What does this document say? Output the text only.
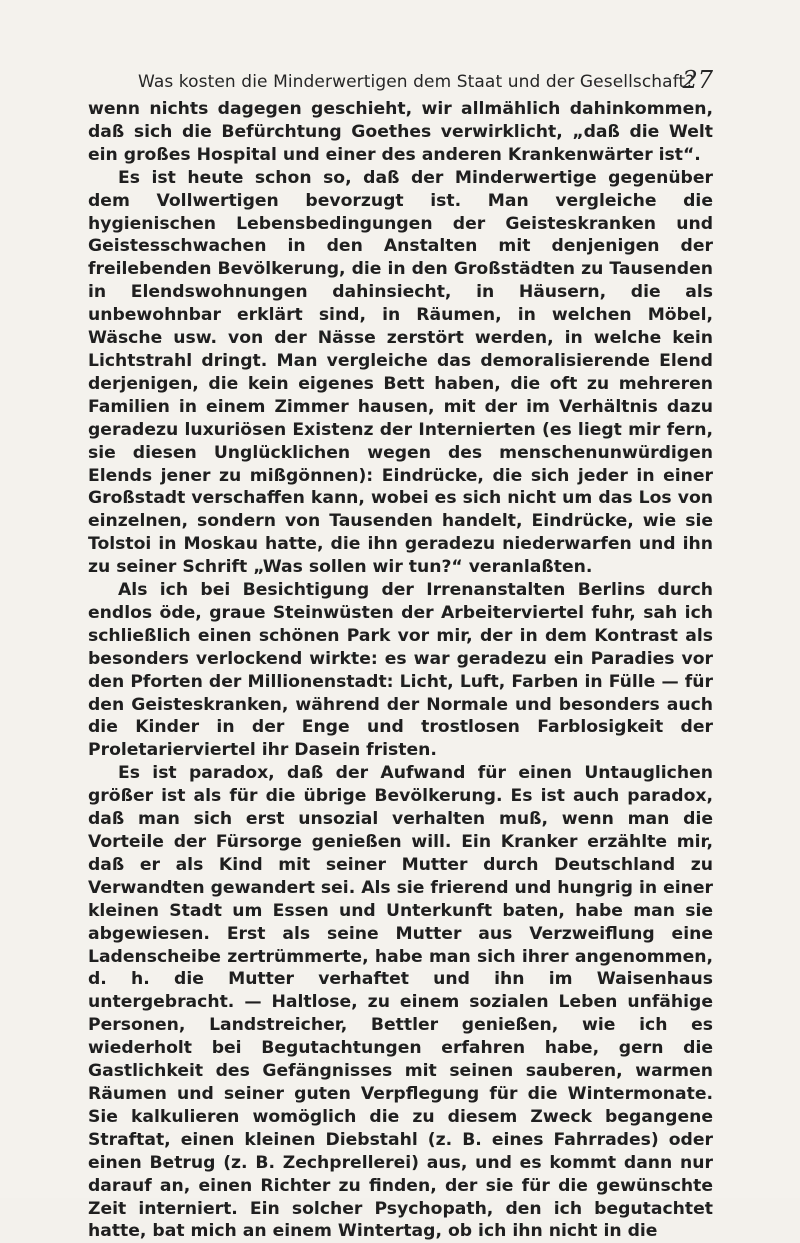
Was kosten die Minderwertigen dem Staat und der Gesellschaft?
27

wenn nichts dagegen geschieht, wir allmählich dahinkommen, daß sich die Befürchtung Goethes verwirklicht, „daß die Welt ein großes Hospital und einer des anderen Krankenwärter ist“.

Es ist heute schon so, daß der Minderwertige gegenüber dem Vollwertigen bevorzugt ist. Man vergleiche die hygienischen Lebensbedingungen der Geisteskranken und Geistesschwachen in den Anstalten mit denjenigen der freilebenden Bevölkerung, die in den Großstädten zu Tausenden in Elendswohnungen dahinsiecht, in Häusern, die als unbewohnbar erklärt sind, in Räumen, in welchen Möbel, Wäsche usw. von der Nässe zerstört werden, in welche kein Lichtstrahl dringt. Man vergleiche das demoralisierende Elend derjenigen, die kein eigenes Bett haben, die oft zu mehreren Familien in einem Zimmer hausen, mit der im Verhältnis dazu geradezu luxuriösen Existenz der Internierten (es liegt mir fern, sie diesen Unglücklichen wegen des menschenunwürdigen Elends jener zu mißgönnen): Eindrücke, die sich jeder in einer Großstadt verschaffen kann, wobei es sich nicht um das Los von einzelnen, sondern von Tausenden handelt, Eindrücke, wie sie Tolstoi in Moskau hatte, die ihn geradezu niederwarfen und ihn zu seiner Schrift „Was sollen wir tun?“ veranlaßten.

Als ich bei Besichtigung der Irrenanstalten Berlins durch endlos öde, graue Steinwüsten der Arbeiterviertel fuhr, sah ich schließlich einen schönen Park vor mir, der in dem Kontrast als besonders verlockend wirkte: es war geradezu ein Paradies vor den Pforten der Millionenstadt: Licht, Luft, Farben in Fülle — für den Geisteskranken, während der Normale und besonders auch die Kinder in der Enge und trostlosen Farblosigkeit der Proletarierviertel ihr Dasein fristen.

Es ist paradox, daß der Aufwand für einen Untauglichen größer ist als für die übrige Bevölkerung. Es ist auch paradox, daß man sich erst unsozial verhalten muß, wenn man die Vorteile der Fürsorge genießen will. Ein Kranker erzählte mir, daß er als Kind mit seiner Mutter durch Deutschland zu Verwandten gewandert sei. Als sie frierend und hungrig in einer kleinen Stadt um Essen und Unterkunft baten, habe man sie abgewiesen. Erst als seine Mutter aus Verzweiflung eine Ladenscheibe zertrümmerte, habe man sich ihrer angenommen, d. h. die Mutter verhaftet und ihn im Waisenhaus untergebracht. — Haltlose, zu einem sozialen Leben unfähige Personen, Landstreicher, Bettler genießen, wie ich es wiederholt bei Begutachtungen erfahren habe, gern die Gastlichkeit des Gefängnisses mit seinen sauberen, warmen Räumen und seiner guten Verpflegung für die Wintermonate. Sie kalkulieren womöglich die zu diesem Zweck begangene Straftat, einen kleinen Diebstahl (z. B. eines Fahrrades) oder einen Betrug (z. B. Zechprellerei) aus, und es kommt dann nur darauf an, einen Richter zu finden, der sie für die gewünschte Zeit interniert. Ein solcher Psychopath, den ich begutachtet hatte, bat mich an einem Wintertag, ob ich ihn nicht in die
